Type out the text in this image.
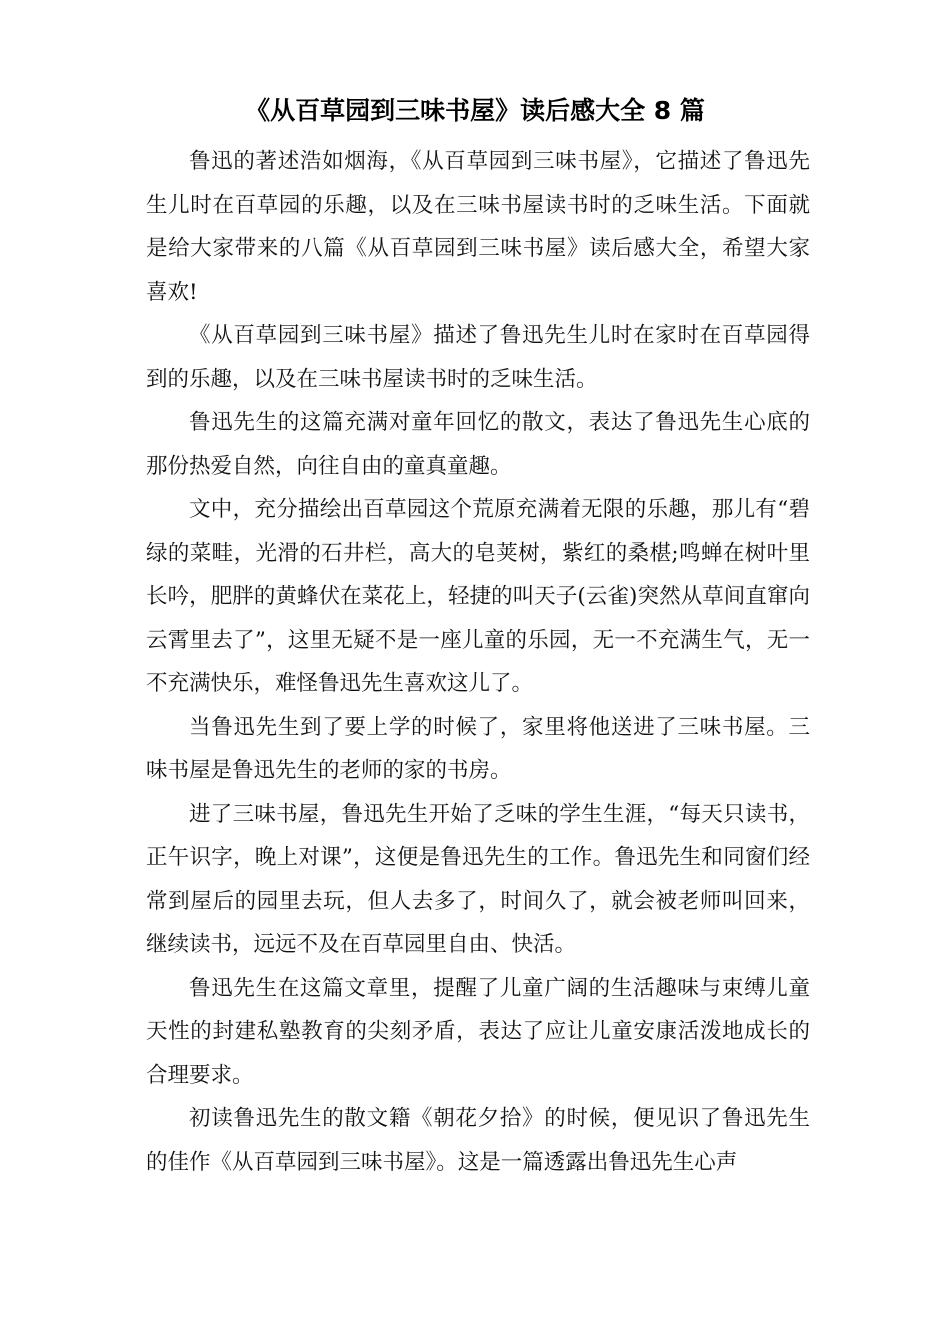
《从百草园到三味书屋》读后感大全 8 篇

鲁迅的著述浩如烟海，《从百草园到三味书屋》，它描述了鲁迅先生儿时在百草园的乐趣，以及在三味书屋读书时的乏味生活。下面就是给大家带来的八篇《从百草园到三味书屋》读后感大全，希望大家喜欢!

《从百草园到三味书屋》描述了鲁迅先生儿时在家时在百草园得到的乐趣，以及在三味书屋读书时的乏味生活。

鲁迅先生的这篇充满对童年回忆的散文，表达了鲁迅先生心底的那份热爱自然，向往自由的童真童趣。

文中，充分描绘出百草园这个荒原充满着无限的乐趣，那儿有“碧绿的菜畦，光滑的石井栏，高大的皂荚树，紫红的桑椹;鸣蝉在树叶里长吟，肥胖的黄蜂伏在菜花上，轻捷的叫天子(云雀)突然从草间直窜向云霄里去了”，这里无疑不是一座儿童的乐园，无一不充满生气，无一不充满快乐，难怪鲁迅先生喜欢这儿了。

当鲁迅先生到了要上学的时候了，家里将他送进了三味书屋。三味书屋是鲁迅先生的老师的家的书房。

进了三味书屋，鲁迅先生开始了乏味的学生生涯，“每天只读书，正午识字，晚上对课”，这便是鲁迅先生的工作。鲁迅先生和同窗们经常到屋后的园里去玩，但人去多了，时间久了，就会被老师叫回来，继续读书，远远不及在百草园里自由、快活。

鲁迅先生在这篇文章里，提醒了儿童广阔的生活趣味与束缚儿童天性的封建私塾教育的尖刻矛盾，表达了应让儿童安康活泼地成长的合理要求。

初读鲁迅先生的散文籍《朝花夕拾》的时候，便见识了鲁迅先生的佳作《从百草园到三味书屋》。这是一篇透露出鲁迅先生心声
